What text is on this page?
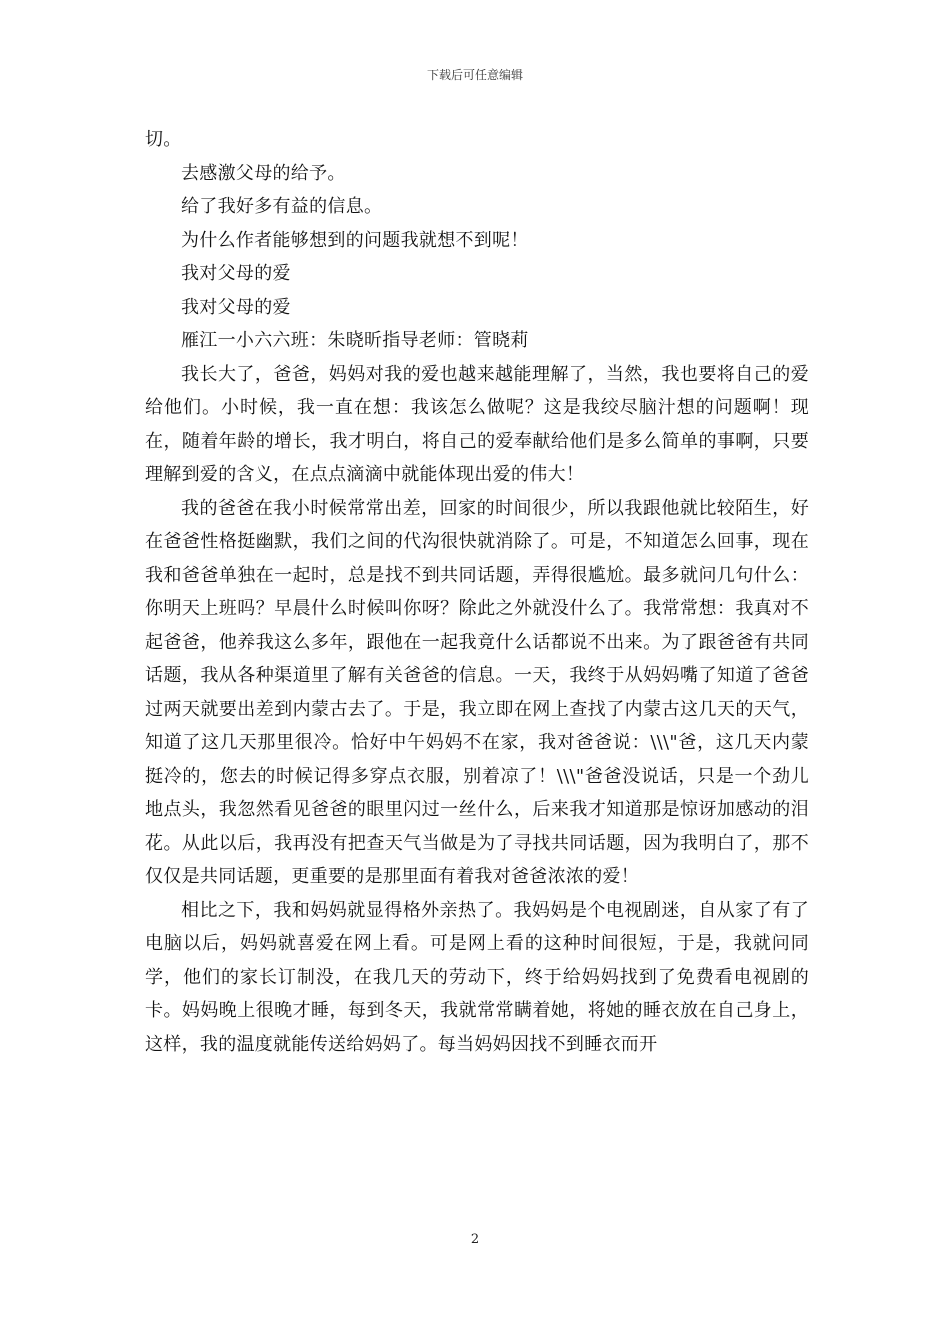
下载后可任意编辑

切。

去感激父母的给予。

给了我好多有益的信息。

为什么作者能够想到的问题我就想不到呢！

我对父母的爱

我对父母的爱

雁江一小六六班：朱晓昕指导老师：管晓莉

我长大了，爸爸，妈妈对我的爱也越来越能理解了，当然，我也要将自己的爱给他们。小时候，我一直在想：我该怎么做呢？这是我绞尽脑汁想的问题啊！现在，随着年龄的增长，我才明白，将自己的爱奉献给他们是多么简单的事啊，只要理解到爱的含义，在点点滴滴中就能体现出爱的伟大！

我的爸爸在我小时候常常出差，回家的时间很少，所以我跟他就比较陌生，好在爸爸性格挺幽默，我们之间的代沟很快就消除了。可是，不知道怎么回事，现在我和爸爸单独在一起时，总是找不到共同话题，弄得很尴尬。最多就问几句什么：你明天上班吗？早晨什么时候叫你呀？除此之外就没什么了。我常常想：我真对不起爸爸，他养我这么多年，跟他在一起我竟什么话都说不出来。为了跟爸爸有共同话题，我从各种渠道里了解有关爸爸的信息。一天，我终于从妈妈嘴了知道了爸爸过两天就要出差到内蒙古去了。于是，我立即在网上查找了内蒙古这几天的天气，知道了这几天那里很冷。恰好中午妈妈不在家，我对爸爸说：\\\"爸，这几天内蒙挺冷的，您去的时候记得多穿点衣服，别着凉了！\\\"爸爸没说话，只是一个劲儿地点头，我忽然看见爸爸的眼里闪过一丝什么，后来我才知道那是惊讶加感动的泪花。从此以后，我再没有把查天气当做是为了寻找共同话题，因为我明白了，那不仅仅是共同话题，更重要的是那里面有着我对爸爸浓浓的爱！

相比之下，我和妈妈就显得格外亲热了。我妈妈是个电视剧迷，自从家了有了电脑以后，妈妈就喜爱在网上看。可是网上看的这种时间很短，于是，我就问同学，他们的家长订制没，在我几天的劳动下，终于给妈妈找到了免费看电视剧的卡。妈妈晚上很晚才睡，每到冬天，我就常常瞒着她，将她的睡衣放在自己身上，这样，我的温度就能传送给妈妈了。每当妈妈因找不到睡衣而开

2
